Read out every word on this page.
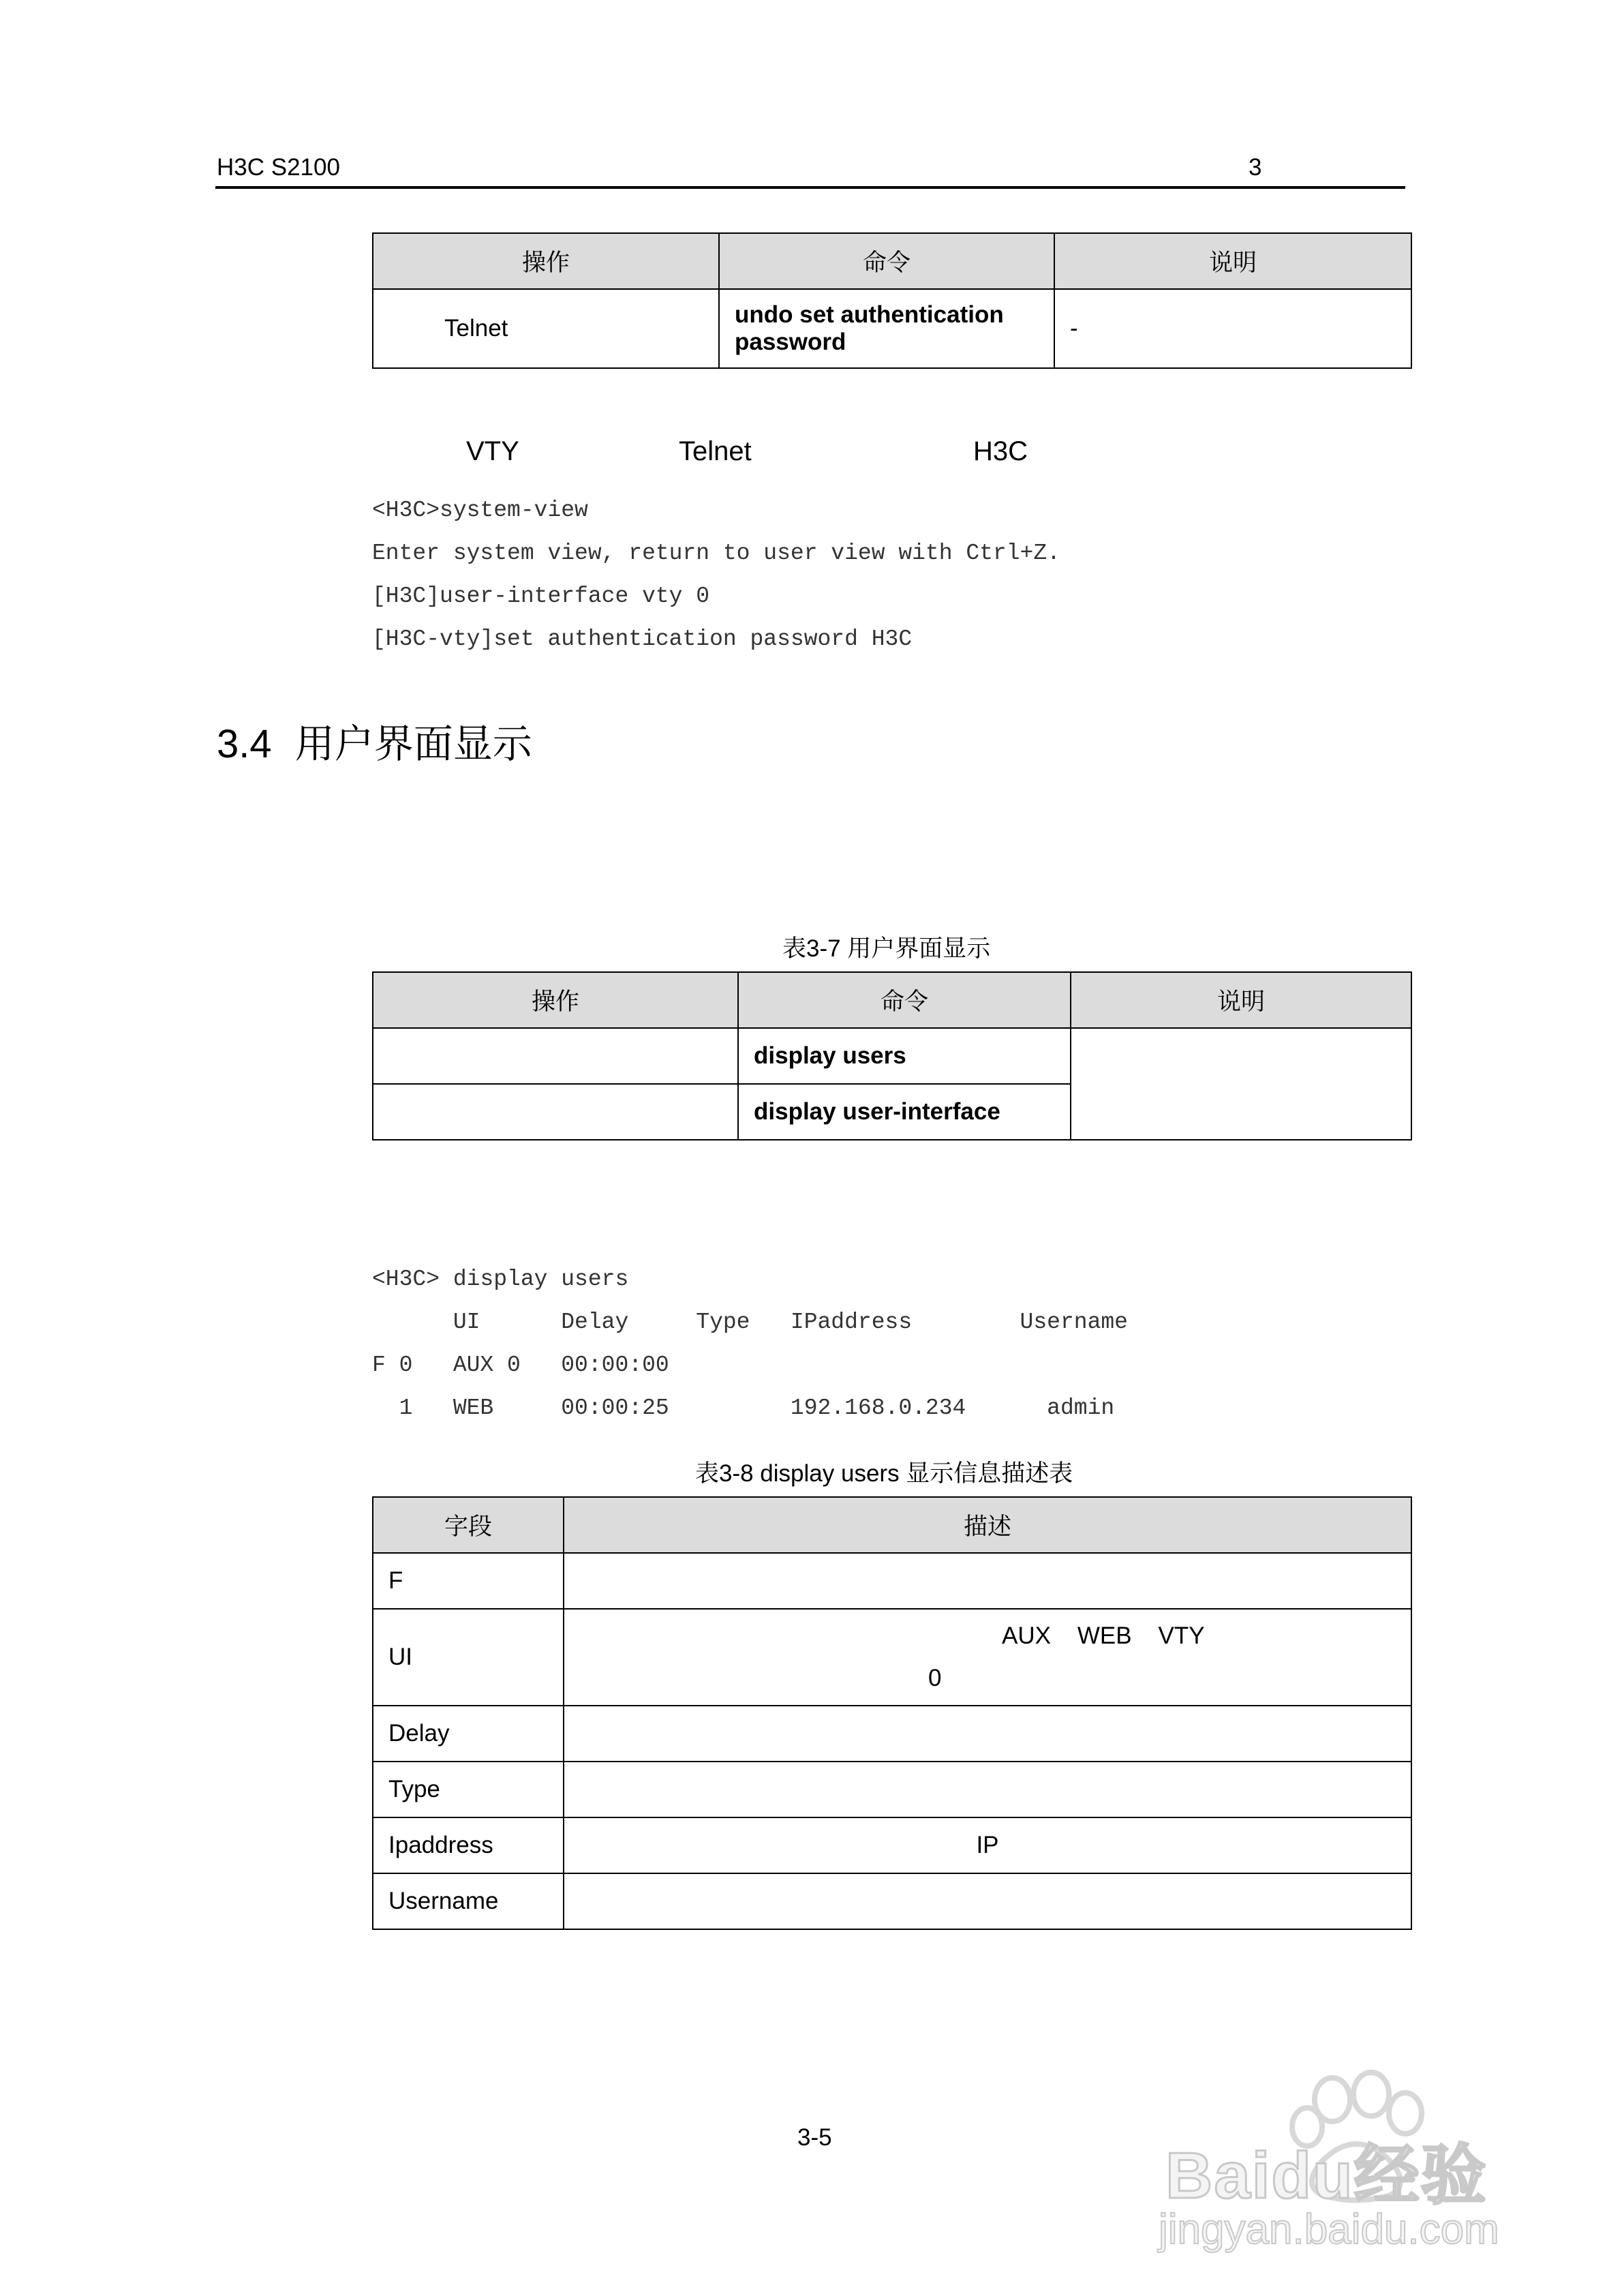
H3C S2100	3
操作	命令	说明
Telnet	undo set authentication password	-
VTY	Telnet	H3C
<H3C>system-view
Enter system view, return to user view with Ctrl+Z.
[H3C]user-interface vty 0
[H3C-vty]set authentication password H3C
3.4 用户界面显示
表3-7 用户界面显示
操作	命令	说明
	display users	
	display user-interface	
<H3C> display users
UI      Delay     Type   IPaddress        Username
F 0   AUX 0   00:00:00
1   WEB     00:00:25         192.168.0.234      admin
表3-8 display users 显示信息描述表
字段	描述
F	
UI	AUX    WEB    VTY
0

Delay	
Type	
Ipaddress	IP
Username	
3-5
Baidu经验
jingyan.baidu.com
